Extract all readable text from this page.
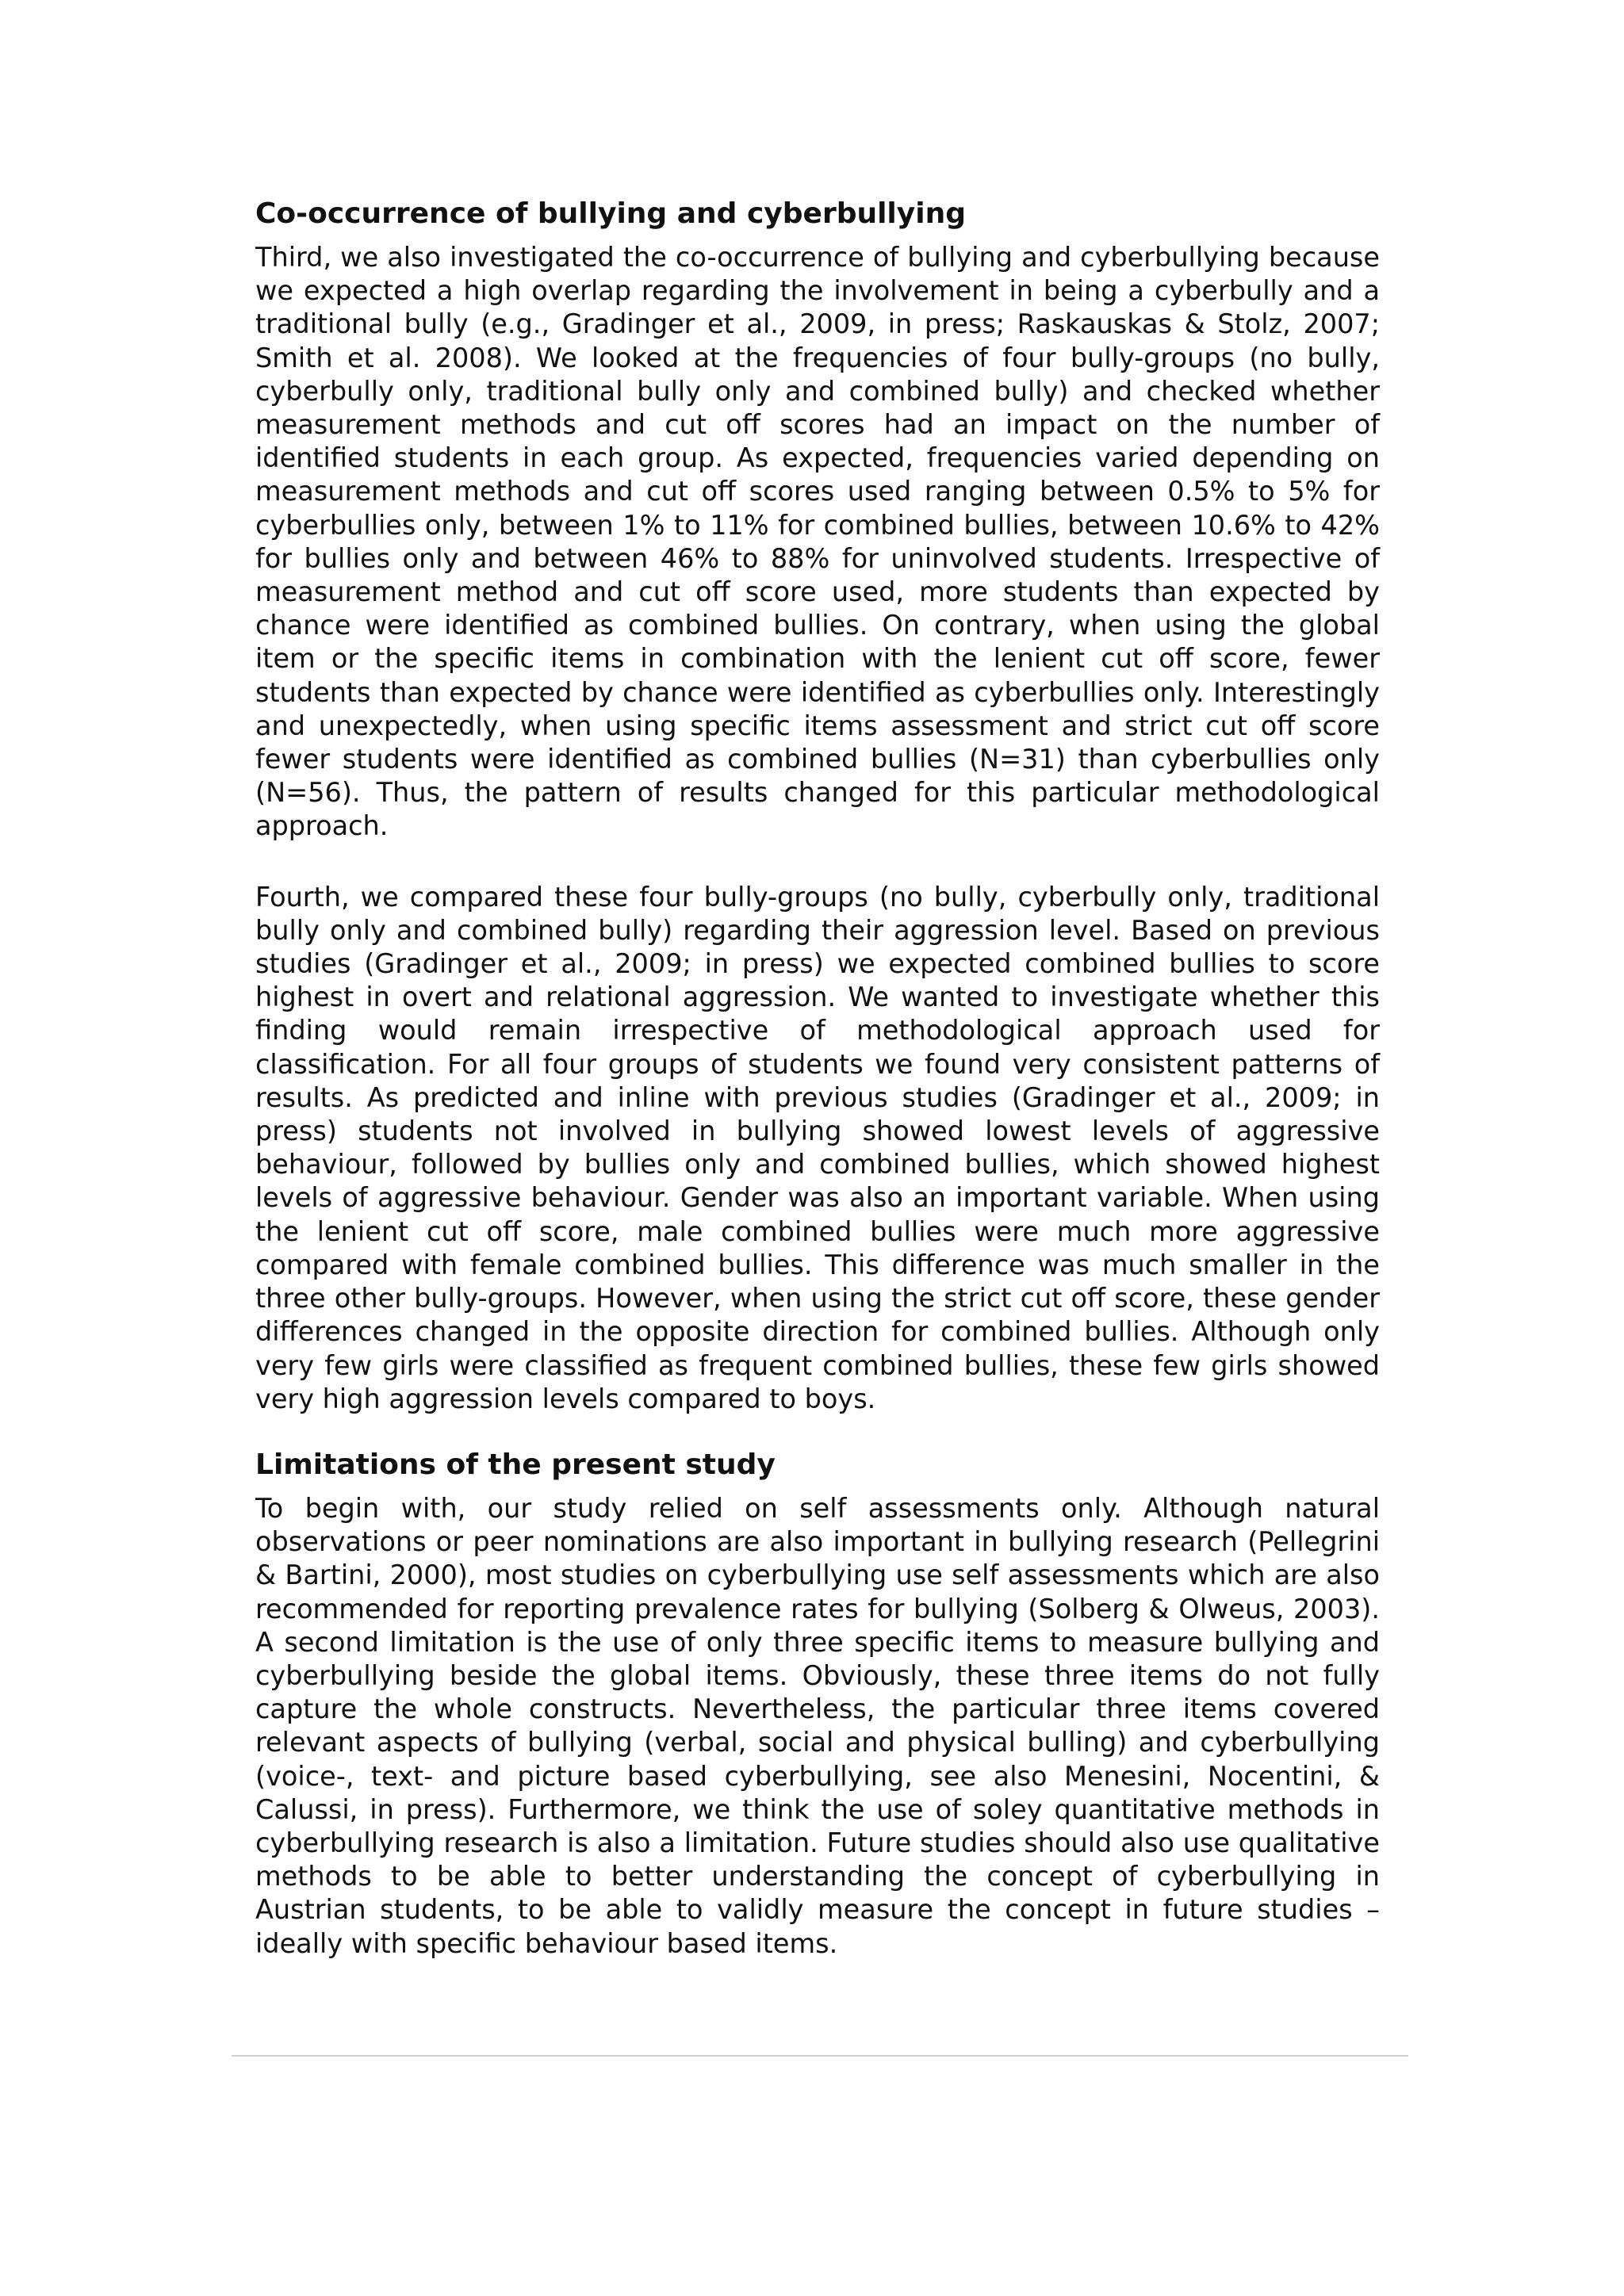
Co-occurrence of bullying and cyberbullying

Third, we also investigated the co-occurrence of bullying and cyberbullying because we expected a high overlap regarding the involvement in being a cyberbully and a traditional bully (e.g., Gradinger et al., 2009, in press; Raskauskas & Stolz, 2007; Smith et al. 2008). We looked at the frequencies of four bully-groups (no bully, cyberbully only, traditional bully only and combined bully) and checked whether measurement methods and cut off scores had an impact on the number of identified students in each group. As expected, frequencies varied depending on measurement methods and cut off scores used ranging between 0.5% to 5% for cyberbullies only, between 1% to 11% for combined bullies, between 10.6% to 42% for bullies only and between 46% to 88% for uninvolved students. Irrespective of measurement method and cut off score used, more students than expected by chance were identified as combined bullies. On contrary, when using the global item or the specific items in combination with the lenient cut off score, fewer students than expected by chance were identified as cyberbullies only. Interestingly and unexpectedly, when using specific items assessment and strict cut off score fewer students were identified as combined bullies (N=31) than cyberbullies only (N=56). Thus, the pattern of results changed for this particular methodological approach.

Fourth, we compared these four bully-groups (no bully, cyberbully only, traditional bully only and combined bully) regarding their aggression level. Based on previous studies (Gradinger et al., 2009; in press) we expected combined bullies to score highest in overt and relational aggression. We wanted to investigate whether this finding would remain irrespective of methodological approach used for classification. For all four groups of students we found very consistent patterns of results. As predicted and inline with previous studies (Gradinger et al., 2009; in press) students not involved in bullying showed lowest levels of aggressive behaviour, followed by bullies only and combined bullies, which showed highest levels of aggressive behaviour. Gender was also an important variable. When using the lenient cut off score, male combined bullies were much more aggressive compared with female combined bullies. This difference was much smaller in the three other bully-groups. However, when using the strict cut off score, these gender differences changed in the opposite direction for combined bullies. Although only very few girls were classified as frequent combined bullies, these few girls showed very high aggression levels compared to boys.

Limitations of the present study

To begin with, our study relied on self assessments only. Although natural observations or peer nominations are also important in bullying research (Pellegrini & Bartini, 2000), most studies on cyberbullying use self assessments which are also recommended for reporting prevalence rates for bullying (Solberg & Olweus, 2003). A second limitation is the use of only three specific items to measure bullying and cyberbullying beside the global items. Obviously, these three items do not fully capture the whole constructs. Nevertheless, the particular three items covered relevant aspects of bullying (verbal, social and physical bulling) and cyberbullying (voice-, text- and picture based cyberbullying, see also Menesini, Nocentini, & Calussi, in press). Furthermore, we think the use of soley quantitative methods in cyberbullying research is also a limitation. Future studies should also use qualitative methods to be able to better understanding the concept of cyberbullying in Austrian students, to be able to validly measure the concept in future studies – ideally with specific behaviour based items.
